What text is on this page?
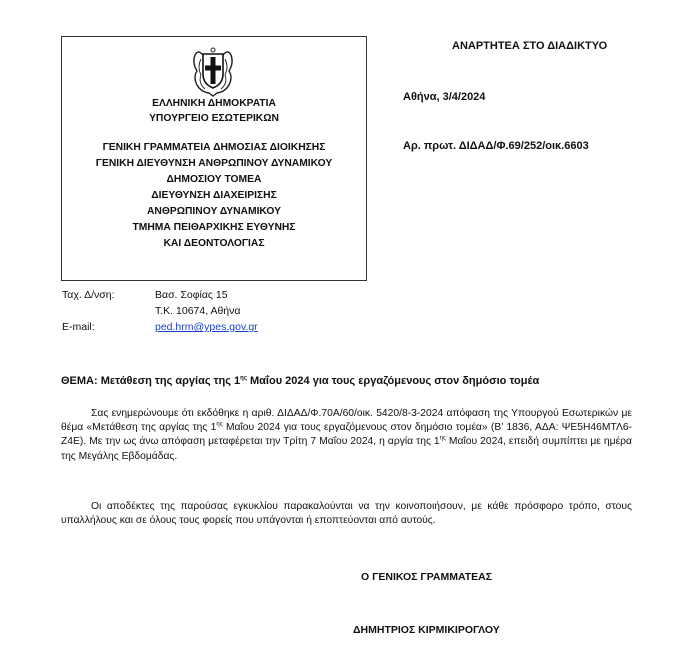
ΕΛΛΗΝΙΚΗ ΔΗΜΟΚΡΑΤΙΑ
ΥΠΟΥΡΓΕΙΟ ΕΣΩΤΕΡΙΚΩΝ
ΓΕΝΙΚΗ ΓΡΑΜΜΑΤΕΙΑ ΔΗΜΟΣΙΑΣ ΔΙΟΙΚΗΣΗΣ
ΓΕΝΙΚΗ ΔΙΕΥΘΥΝΣΗ ΑΝΘΡΩΠΙΝΟΥ ΔΥΝΑΜΙΚΟΥ
ΔΗΜΟΣΙΟΥ ΤΟΜΕΑ
ΔΙΕΥΘΥΝΣΗ ΔΙΑΧΕΙΡΙΣΗΣ
ΑΝΘΡΩΠΙΝΟΥ ΔΥΝΑΜΙΚΟΥ
ΤΜΗΜΑ ΠΕΙΘΑΡΧΙΚΗΣ ΕΥΘΥΝΗΣ
ΚΑΙ ΔΕΟΝΤΟΛΟΓΙΑΣ
ΑΝΑΡΤΗΤΕΑ ΣΤΟ ΔΙΑΔΙΚΤΥΟ
Αθήνα, 3/4/2024
Αρ. πρωτ. ΔΙΔΑΔ/Φ.69/252/οικ.6603
Ταχ. Δ/νση:	Βασ. Σοφίας 15
Τ.Κ. 10674, Αθήνα
E-mail:	ped.hrm@ypes.gov.gr
ΘΕΜΑ: Μετάθεση της αργίας της $1^{\eta\varsigma}$ Μαΐου 2024 για τους εργαζόμενους στον δημόσιο τομέα

Σας ενημερώνουμε ότι εκδόθηκε η αριθ. ΔΙΔΑΔ/Φ.70Α/60/οικ. 5420/8-3-2024 απόφαση της Υπουργού Εσωτερικών με θέμα «Μετάθεση της αργίας της $1^{\eta\varsigma}$ Μαΐου 2024 για τους εργαζόμενους στον δημόσιο τομέα» (Β’ 1836, ΑΔΑ: ΨΕ5Η46ΜΤΛ6-Ζ4Ε). Με την ως άνω απόφαση μεταφέρεται την Τρίτη 7 Μαΐου 2024, η αργία της $1^{\eta\varsigma}$ Μαΐου 2024, επειδή συμπίπτει με ημέρα της Μεγάλης Εβδομάδας.

Οι αποδέκτες της παρούσας εγκυκλίου παρακαλούνται να την κοινοποιήσουν, με κάθε πρόσφορο τρόπο, στους υπαλλήλους και σε όλους τους φορείς που υπάγονται ή εποπτεύονται από αυτούς.

Ο ΓΕΝΙΚΟΣ ΓΡΑΜΜΑΤΕΑΣ
ΔΗΜΗΤΡΙΟΣ ΚΙΡΜΙΚΙΡΟΓΛΟΥ
